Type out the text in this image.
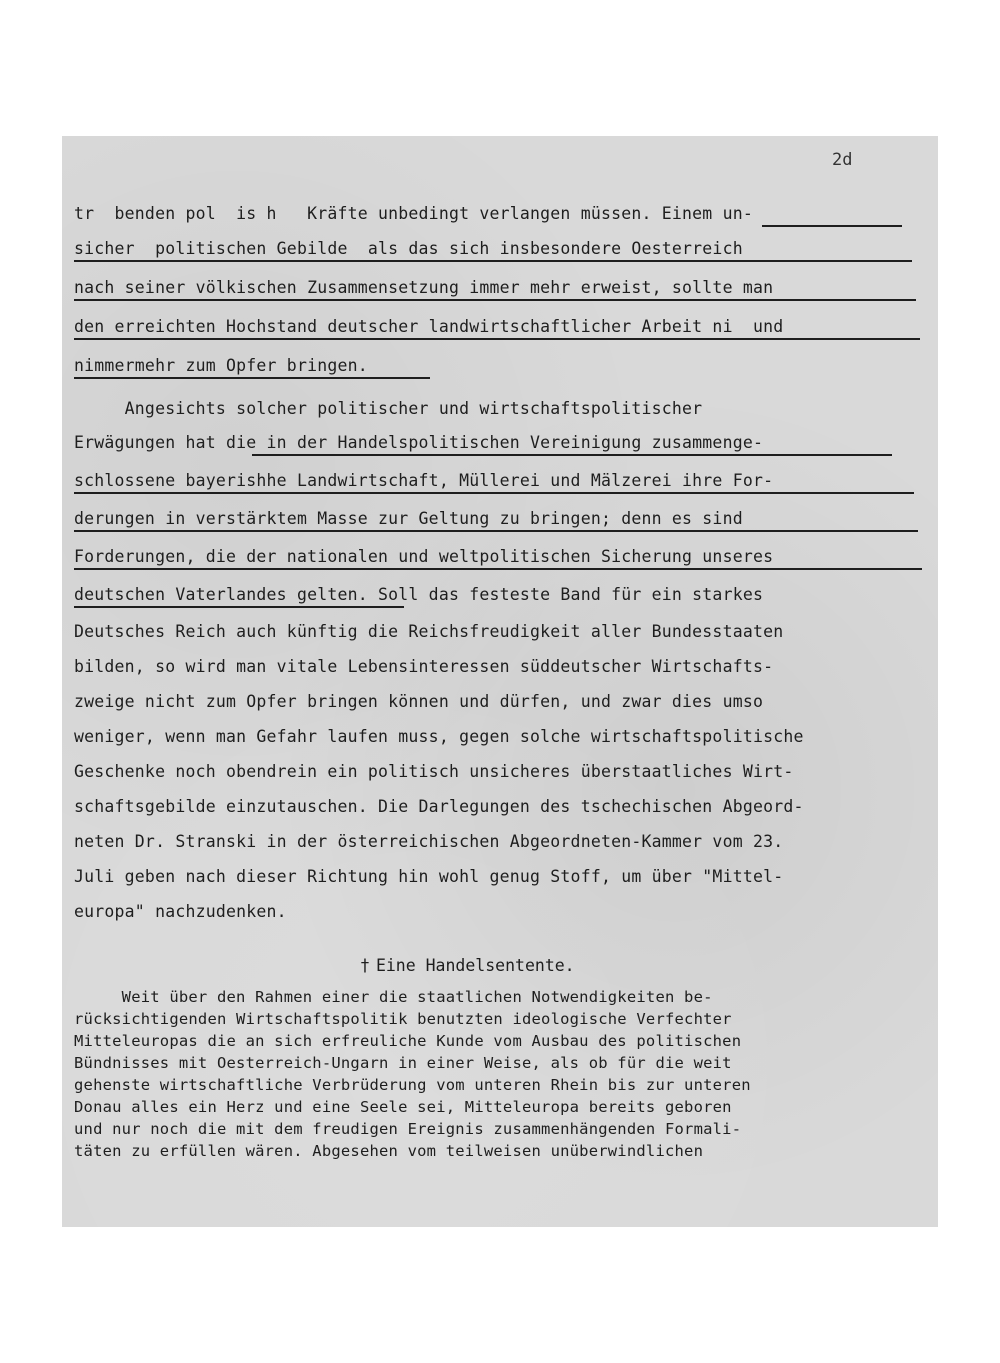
2d
tr  benden pol  is h   Kräfte unbedingt verlangen müssen. Einem un-
sicher  politischen Gebilde  als das sich insbesondere Oesterreich
nach seiner völkischen Zusammensetzung immer mehr erweist, sollte man
den erreichten Hochstand deutscher landwirtschaftlicher Arbeit ni  und
nimmermehr zum Opfer bringen.
Angesichts solcher politischer und wirtschaftspolitischer
Erwägungen hat die in der Handelspolitischen Vereinigung zusammenge-
schlossene bayerishhe Landwirtschaft, Müllerei und Mälzerei ihre For-
derungen in verstärktem Masse zur Geltung zu bringen; denn es sind
Forderungen, die der nationalen und weltpolitischen Sicherung unseres
deutschen Vaterlandes gelten. Soll das festeste Band für ein starkes
Deutsches Reich auch künftig die Reichsfreudigkeit aller Bundesstaaten
bilden, so wird man vitale Lebensinteressen süddeutscher Wirtschafts-
zweige nicht zum Opfer bringen können und dürfen, und zwar dies umso
weniger, wenn man Gefahr laufen muss, gegen solche wirtschaftspolitische
Geschenke noch obendrein ein politisch unsicheres überstaatliches Wirt-
schaftsgebilde einzutauschen. Die Darlegungen des tschechischen Abgeord-
neten Dr. Stranski in der österreichischen Abgeordneten-Kammer vom 23.
Juli geben nach dieser Richtung hin wohl genug Stoff, um über "Mittel-
europa" nachzudenken.
† Eine Handelsentente.
Weit über den Rahmen einer die staatlichen Notwendigkeiten be-
rücksichtigenden Wirtschaftspolitik benutzten ideologische Verfechter
Mitteleuropas die an sich erfreuliche Kunde vom Ausbau des politischen
Bündnisses mit Oesterreich-Ungarn in einer Weise, als ob für die weit
gehenste wirtschaftliche Verbrüderung vom unteren Rhein bis zur unteren
Donau alles ein Herz und eine Seele sei, Mitteleuropa bereits geboren
und nur noch die mit dem freudigen Ereignis zusammenhängenden Formali-
täten zu erfüllen wären. Abgesehen vom teilweisen unüberwindlichen
